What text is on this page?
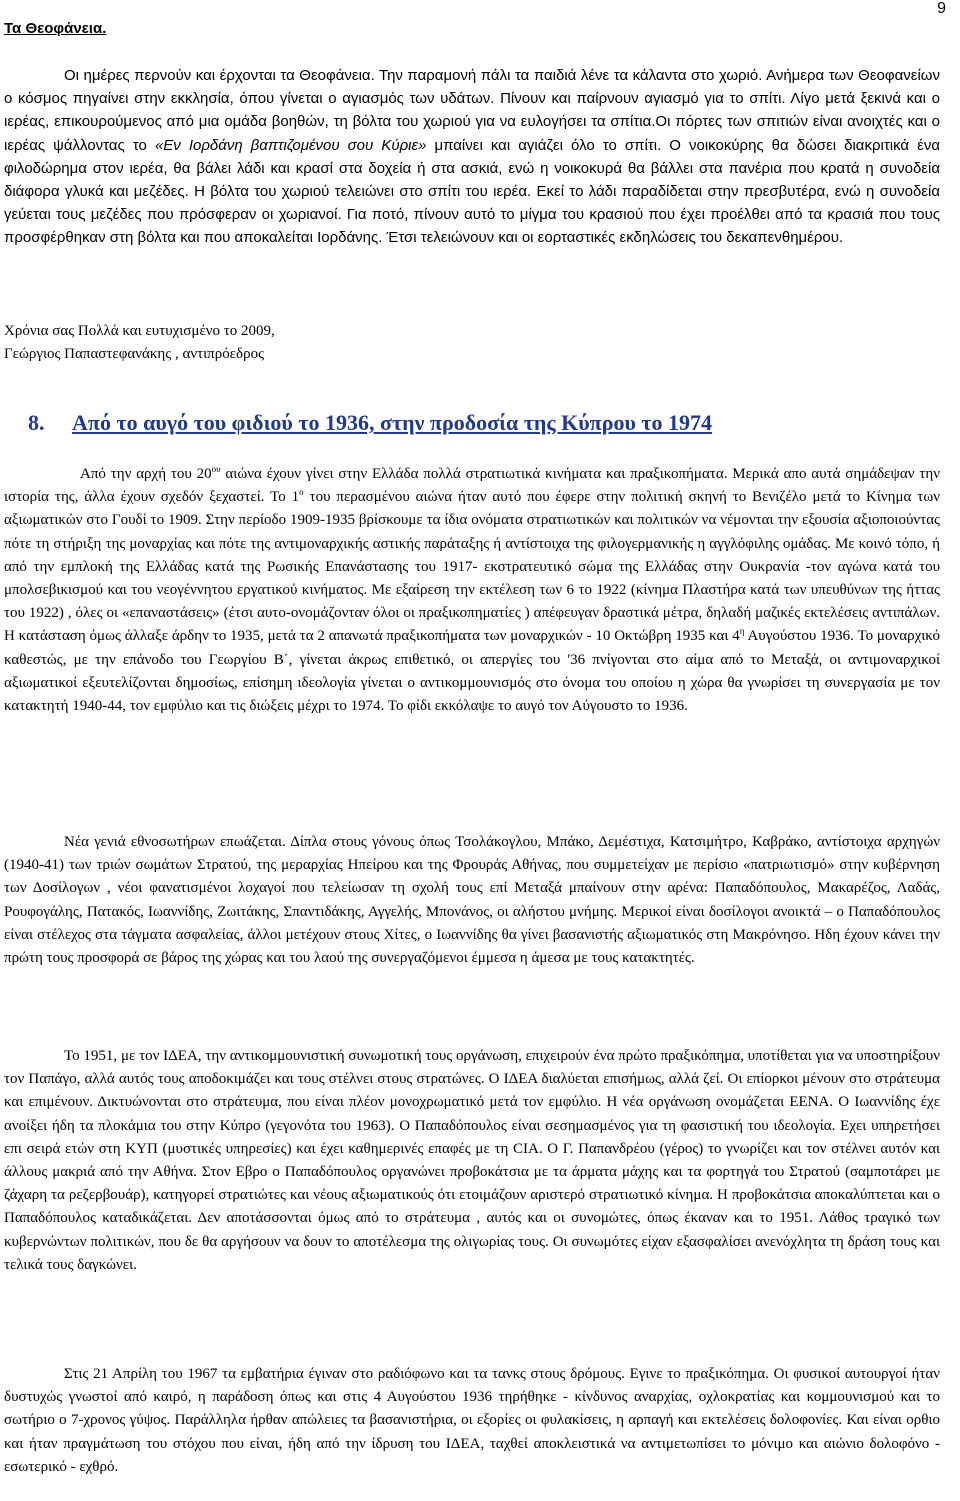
9
Τα Θεοφάνεια.

Οι ημέρες περνούν και έρχονται τα Θεοφάνεια. Την παραμονή πάλι τα παιδιά λένε τα κάλαντα στο χωριό. Ανήμερα των Θεοφανείων ο κόσμος πηγαίνει στην εκκλησία, όπου γίνεται ο αγιασμός των υδάτων. Πίνουν και παίρνουν αγιασμό για το σπίτι. Λίγο μετά ξεκινά και ο ιερέας, επικουρούμενος από μια ομάδα βοηθών, τη βόλτα του χωριού για να ευλογήσει τα σπίτια.Οι πόρτες των σπιτιών είναι ανοιχτές και ο ιερέας ψάλλοντας το «Εν Ιορδάνη βαπτιζομένου σου Κύριε» μπαίνει και αγιάζει όλο το σπίτι. Ο νοικοκύρης θα δώσει διακριτικά ένα φιλοδώρημα στον ιερέα, θα βάλει λάδι και κρασί στα δοχεία ή στα ασκιά, ενώ η νοικοκυρά θα βάλλει στα πανέρια που κρατά η συνοδεία διάφορα γλυκά και μεζέδες. Η βόλτα του χωριού τελειώνει στο σπίτι του ιερέα. Εκεί το λάδι παραδίδεται στην πρεσβυτέρα, ενώ η συνοδεία γεύεται τους μεζέδες που πρόσφεραν οι χωριανοί. Για ποτό, πίνουν αυτό το μίγμα του κρασιού που έχει προέλθει από τα κρασιά που τους προσφέρθηκαν στη βόλτα και που αποκαλείται Ιορδάνης. Έτσι τελειώνουν και οι εορταστικές εκδηλώσεις του δεκαπενθημέρου.

Χρόνια σας Πολλά και ευτυχισμένο το 2009,

Γεώργιος Παπαστεφανάκης , αντιπρόεδρος

8. Από το αυγό του φιδιού το 1936, στην προδοσία της Κύπρου το 1974

Από την αρχή του $20^{o\upsilon}$ αιώνα έχουν γίνει στην Ελλάδα πολλά στρατιωτικά κινήματα και πραξικοπήματα. Μερικά απο αυτά σημάδεψαν την ιστορία της, άλλα έχουν σχεδόν ξεχαστεί. Το $1^o$ του περασμένου αιώνα ήταν αυτό που έφερε στην πολιτική σκηνή το Βενιζέλο μετά το Κίνημα των αξιωματικών στο Γουδί το 1909. Στην περίοδο 1909-1935 βρίσκουμε τα ίδια ονόματα στρατιωτικών και πολιτικών να νέμονται την εξουσία αξιοποιούντας πότε τη στήριξη της μοναρχίας και πότε της αντιμοναρχικής αστικής παράταξης ή αντίστοιχα της φιλογερμανικής η αγγλόφιλης ομάδας. Με κοινό τόπο, ή από την εμπλοκή της Ελλάδας κατά της Ρωσικής Επανάστασης του 1917- εκστρατευτικό σώμα της Ελλάδας στην Ουκρανία -τον αγώνα κατά του μπολσεβικισμού και του νεογέννητου εργατικού κινήματος. Με εξαίρεση την εκτέλεση των 6 το 1922 (κίνημα Πλαστήρα κατά των υπευθύνων της ήττας του 1922) , όλες οι «επαναστάσεις» (έτσι αυτο-ονομάζονταν όλοι οι πραξικοπηματίες ) απέφευγαν δραστικά μέτρα, δηλαδή μαζικές εκτελέσεις αντιπάλων. Η κατάσταση όμως άλλαξε άρδην το 1935, μετά τα 2 απανωτά πραξικοπήματα των μοναρχικών - 10 Οκτώβρη 1935 και $4^\eta$ Αυγούστου 1936. Το μοναρχικό καθεστώς, με την επάνοδο του Γεωργίου Β΄, γίνεται άκρως επιθετικό, οι απεργίες του '36 πνίγονται στο αίμα από το Μεταξά, οι αντιμοναρχικοί αξιωματικοί εξευτελίζονται δημοσίως, επίσημη ιδεολογία γίνεται ο αντικομμουνισμός στο όνομα του οποίου η χώρα θα γνωρίσει τη συνεργασία με τον κατακτητή 1940-44, τον εμφύλιο και τις διώξεις μέχρι το 1974. Το φίδι εκκόλαψε το αυγό τον Αύγουστο το 1936.

Νέα γενιά εθνοσωτήρων επωάζεται. Δίπλα στους γόνους όπως Τσολάκογλου, Μπάκο, Δεμέστιχα, Κατσιμήτρο, Καβράκο, αντίστοιχα αρχηγών (1940-41) των τριών σωμάτων Στρατού, της μεραρχίας Ηπείρου και της Φρουράς Αθήνας, που συμμετείχαν με περίσιο «πατριωτισμό» στην κυβέρνηση των Δοσίλογων , νέοι φανατισμένοι λοχαγοί που τελείωσαν τη σχολή τους επί Μεταξά μπαίνουν στην αρένα: Παπαδόπουλος, Μακαρέζος, Λαδάς, Ρουφογάλης, Πατακός, Ιωαννίδης, Ζωιτάκης, Σπαντιδάκης, Αγγελής, Μπονάνος, οι αλήστου μνήμης. Μερικοί είναι δοσίλογοι ανοικτά – ο Παπαδόπουλος είναι στέλεχος στα τάγματα ασφαλείας, άλλοι μετέχουν στους Χίτες, ο Ιωαννίδης θα γίνει βασανιστής αξιωματικός στη Μακρόνησο. Ηδη έχουν κάνει την πρώτη τους προσφορά σε βάρος της χώρας και του λαού της συνεργαζόμενοι έμμεσα η άμεσα με τους κατακτητές.

Το 1951, με τον ΙΔΕΑ, την αντικομμουνιστική συνωμοτική τους οργάνωση, επιχειρούν ένα πρώτο πραξικόπημα, υποτίθεται για να υποστηρίξουν τον Παπάγο, αλλά αυτός τους αποδοκιμάζει και τους στέλνει στους στρατώνες. Ο ΙΔΕΑ διαλύεται επισήμως, αλλά ζεί. Οι επίορκοι μένουν στο στράτευμα και επιμένουν. Δικτυώνονται στο στράτευμα, που είναι πλέον μονοχρωματικό μετά τον εμφύλιο. Η νέα οργάνωση ονομάζεται ΕΕΝΑ. Ο Ιωαννίδης έχε ανοίξει ήδη τα πλοκάμια του στην Κύπρο (γεγονότα του 1963). Ο Παπαδόπουλος είναι σεσημασμένος για τη φασιστική του ιδεολογία. Εχει υπηρετήσει επι σειρά ετών στη ΚΥΠ (μυστικές υπηρεσίες) και έχει καθημερινές επαφές με τη CIA. Ο Γ. Παπανδρέου (γέρος) το γνωρίζει και τον στέλνει αυτόν και άλλους μακριά από την Αθήνα. Στον Εβρο ο Παπαδόπουλος οργανώνει προβοκάτσια με τα άρματα μάχης και τα φορτηγά του Στρατού (σαμποτάρει με ζάχαρη τα ρεζερβουάρ), κατηγορεί στρατιώτες και νέους αξιωματικούς ότι ετοιμάζουν αριστερό στρατιωτικό κίνημα. Η προβοκάτσια αποκαλύπτεται και ο Παπαδόπουλος καταδικάζεται. Δεν αποτάσσονται όμως από το στράτευμα , αυτός και οι συνομώτες, όπως έκαναν και το 1951. Λάθος τραγικό των κυβερνώντων πολιτικών, που δε θα αργήσουν να δουν το αποτέλεσμα της ολιγωρίας τους. Οι συνωμότες είχαν εξασφαλίσει ανενόχλητα τη δράση τους και τελικά τους δαγκώνει.

Στις 21 Απρίλη του 1967 τα εμβατήρια έγιναν στο ραδιόφωνο και τα τανκς στους δρόμους. Εγινε το πραξικόπημα. Οι φυσικοί αυτουργοί ήταν δυστυχώς γνωστοί από καιρό, η παράδοση όπως και στις 4 Αυγούστου 1936 τηρήθηκε - κίνδυνος αναρχίας, οχλοκρατίας και κομμουνισμού και το σωτήριο ο 7-χρονος γύψος. Παράλληλα ήρθαν απώλειες τα βασανιστήρια, οι εξορίες οι φυλακίσεις, η αρπαγή και εκτελέσεις δολοφονίες. Και είναι ορθιο και ήταν πραγμάτωση του στόχου που είναι, ήδη από την ίδρυση του ΙΔΕΑ, ταχθεί αποκλειστικά να αντιμετωπίσει το μόνιμο και αιώνιο δολοφόνο - εσωτερικό - εχθρό.
